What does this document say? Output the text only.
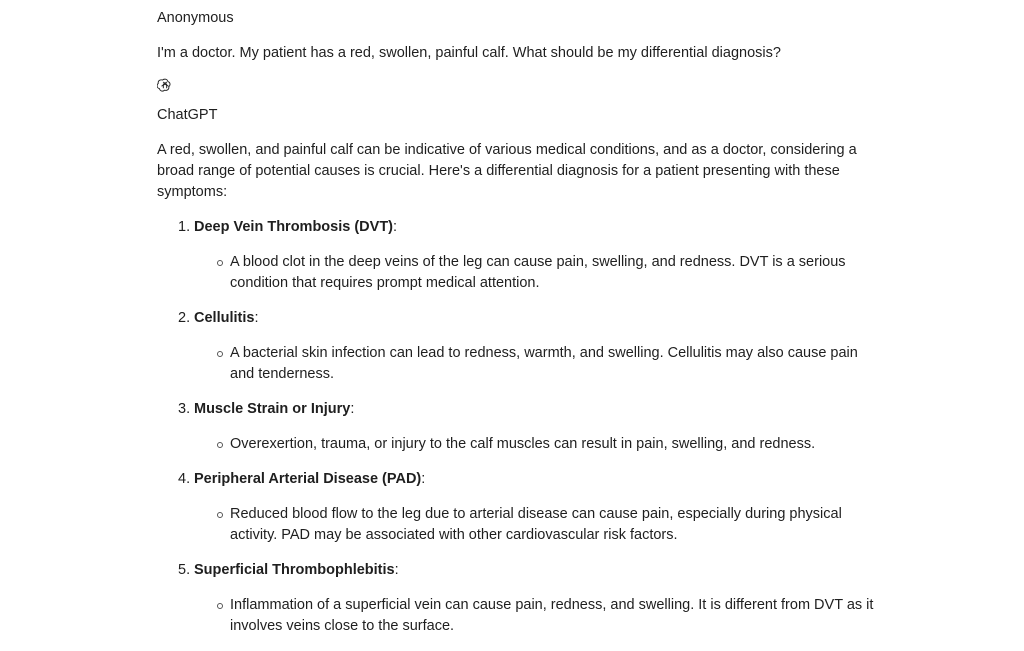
Anonymous
I'm a doctor. My patient has a red, swollen, painful calf. What should be my differential diagnosis?
ChatGPT
A red, swollen, and painful calf can be indicative of various medical conditions, and as a doctor, considering a broad range of potential causes is crucial. Here's a differential diagnosis for a patient presenting with these symptoms:
1. Deep Vein Thrombosis (DVT):
A blood clot in the deep veins of the leg can cause pain, swelling, and redness. DVT is a serious condition that requires prompt medical attention.
2. Cellulitis:
A bacterial skin infection can lead to redness, warmth, and swelling. Cellulitis may also cause pain and tenderness.
3. Muscle Strain or Injury:
Overexertion, trauma, or injury to the calf muscles can result in pain, swelling, and redness.
4. Peripheral Arterial Disease (PAD):
Reduced blood flow to the leg due to arterial disease can cause pain, especially during physical activity. PAD may be associated with other cardiovascular risk factors.
5. Superficial Thrombophlebitis:
Inflammation of a superficial vein can cause pain, redness, and swelling. It is different from DVT as it involves veins close to the surface.
